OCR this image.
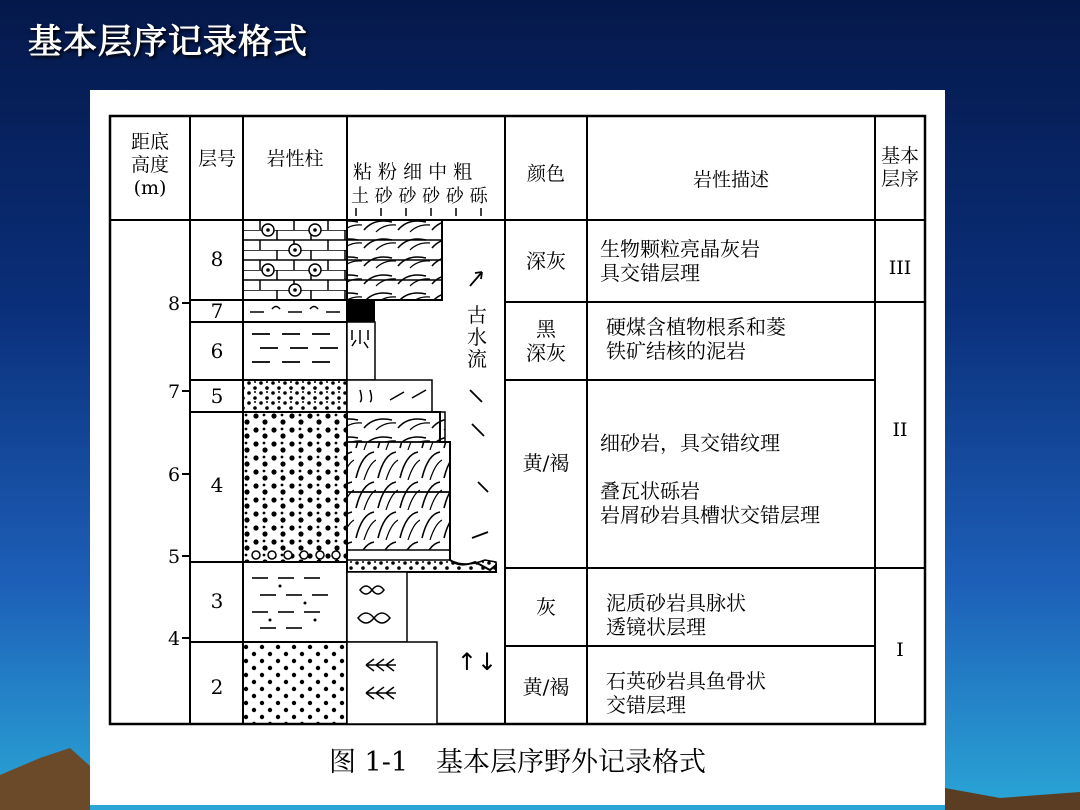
基本层序记录格式
距底
高度
(m)
层号 岩性柱
粘 粉 细 中 粗
土 砂 砂 砂 砂 砾
颜色	岩性描述
基本
层序
8
7
6
5
4
8
7
6
5
4
3
2
古
水
流
↑↓
深灰
黑
深灰
黄/褐
灰
黄/褐
生物颗粒亮晶灰岩
具交错层理
硬煤含植物根系和菱
铁矿结核的泥岩
细砂岩，具交错纹理
叠瓦状砾岩
岩屑砂岩具槽状交错层理
泥质砂岩具脉状
透镜状层理
石英砂岩具鱼骨状
交错层理
III
II
I
图 1-1 基本层序野外记录格式
